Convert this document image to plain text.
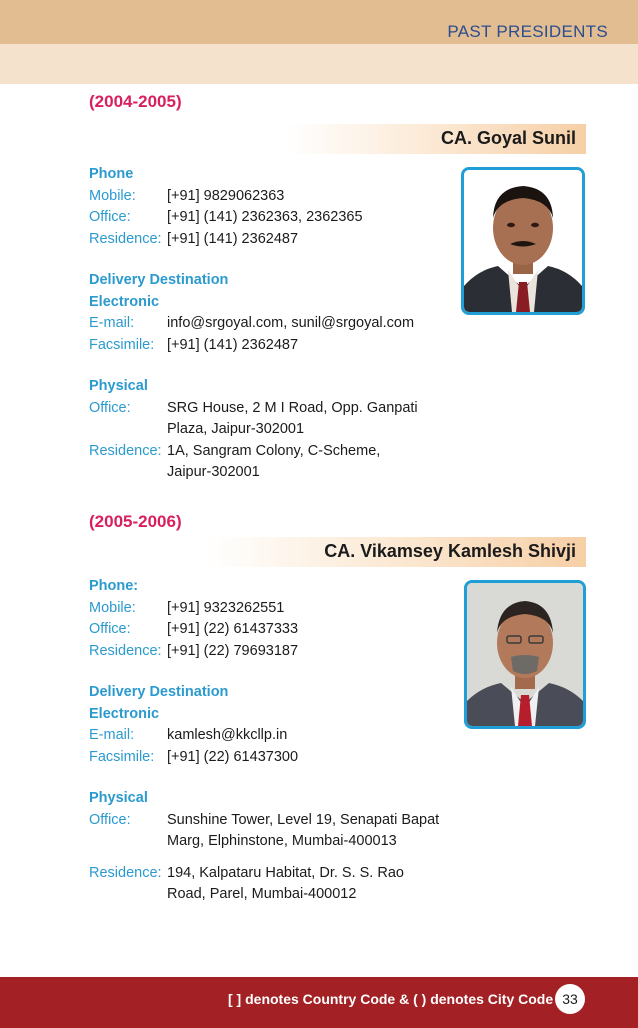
PAST PRESIDENTS
(2004-2005)
CA. Goyal Sunil
Phone
Mobile:	[+91] 9829062363
Office:	[+91] (141) 2362363, 2362365
Residence: [+91] (141) 2362487
Delivery Destination
Electronic
E-mail:	info@srgoyal.com, sunil@srgoyal.com
Facsimile: [+91] (141) 2362487
Physical
Office:	SRG House, 2 M I Road, Opp. Ganpati
Plaza, Jaipur-302001
Residence: 1A, Sangram Colony, C-Scheme,
Jaipur-302001
(2005-2006)
CA. Vikamsey Kamlesh Shivji
Phone:
Mobile:	[+91] 9323262551
Office:	[+91] (22) 61437333
Residence: [+91] (22) 79693187
Delivery Destination
Electronic
E-mail:	kamlesh@kkcllp.in
Facsimile: [+91] (22) 61437300
Physical
Office:	Sunshine Tower, Level 19, Senapati Bapat
Marg, Elphinstone, Mumbai-400013
Residence: 194, Kalpataru Habitat, Dr. S. S. Rao
Road, Parel, Mumbai-400012
[ ] denotes Country Code & ( ) denotes City Code 33
